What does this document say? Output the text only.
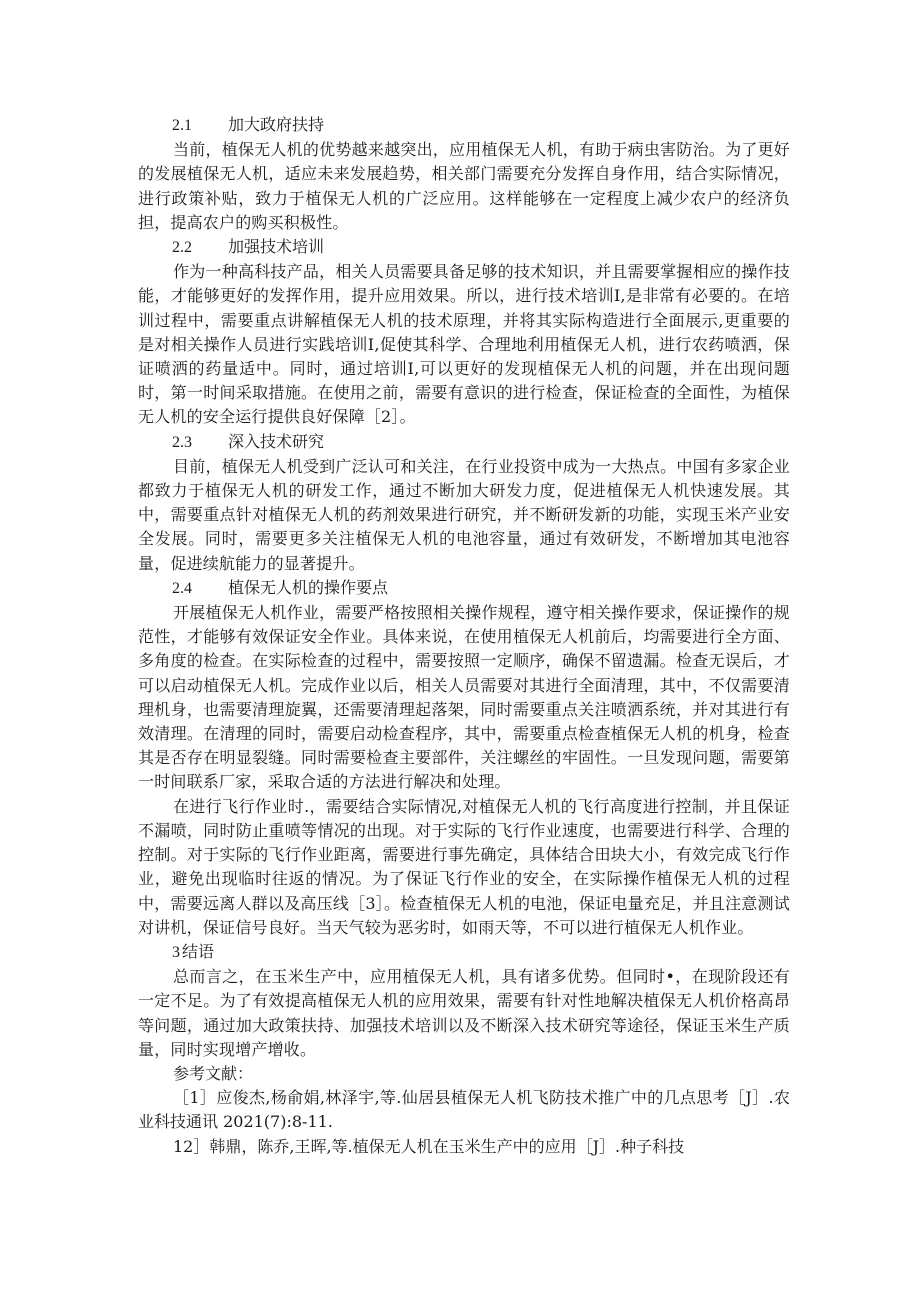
2.1 加大政府扶持

当前，植保无人机的优势越来越突出，应用植保无人机，有助于病虫害防治。为了更好的发展植保无人机，适应未来发展趋势，相关部门需要充分发挥自身作用，结合实际情况，进行政策补贴，致力于植保无人机的广泛应用。这样能够在一定程度上减少农户的经济负担，提高农户的购买积极性。

2.2 加强技术培训

作为一种高科技产品，相关人员需要具备足够的技术知识，并且需要掌握相应的操作技能，才能够更好的发挥作用，提升应用效果。所以，进行技术培训I,是非常有必要的。在培训过程中，需要重点讲解植保无人机的技术原理，并将其实际构造进行全面展示,更重要的是对相关操作人员进行实践培训I,促使其科学、合理地利用植保无人机，进行农药喷洒，保证喷洒的药量适中。同时，通过培训I,可以更好的发现植保无人机的问题，并在出现问题时，第一时间采取措施。在使用之前，需要有意识的进行检查，保证检查的全面性，为植保无人机的安全运行提供良好保障［2］。

2.3 深入技术研究

目前，植保无人机受到广泛认可和关注，在行业投资中成为一大热点。中国有多家企业都致力于植保无人机的研发工作，通过不断加大研发力度，促进植保无人机快速发展。其中，需要重点针对植保无人机的药剂效果进行研究，并不断研发新的功能，实现玉米产业安全发展。同时，需要更多关注植保无人机的电池容量，通过有效研发，不断增加其电池容量，促进续航能力的显著提升。

2.4 植保无人机的操作要点

开展植保无人机作业，需要严格按照相关操作规程，遵守相关操作要求，保证操作的规范性，才能够有效保证安全作业。具体来说，在使用植保无人机前后，均需要进行全方面、多角度的检查。在实际检查的过程中，需要按照一定顺序，确保不留遗漏。检查无误后，才可以启动植保无人机。完成作业以后，相关人员需要对其进行全面清理，其中，不仅需要清理机身，也需要清理旋翼，还需要清理起落架，同时需要重点关注喷洒系统，并对其进行有效清理。在清理的同时，需要启动检查程序，其中，需要重点检查植保无人机的机身，检查其是否存在明显裂缝。同时需要检查主要部件，关注螺丝的牢固性。一旦发现问题，需要第一时间联系厂家，采取合适的方法进行解决和处理。

在进行飞行作业时.，需要结合实际情况,对植保无人机的飞行高度进行控制，并且保证不漏喷，同时防止重喷等情况的出现。对于实际的飞行作业速度，也需要进行科学、合理的控制。对于实际的飞行作业距离，需要进行事先确定，具体结合田块大小，有效完成飞行作业，避免出现临时往返的情况。为了保证飞行作业的安全，在实际操作植保无人机的过程中，需要远离人群以及高压线［3］。检查植保无人机的电池，保证电量充足，并且注意测试对讲机，保证信号良好。当天气较为恶劣时，如雨天等，不可以进行植保无人机作业。

3 结语

总而言之，在玉米生产中，应用植保无人机，具有诸多优势。但同时•，在现阶段还有一定不足。为了有效提高植保无人机的应用效果，需要有针对性地解决植保无人机价格高昂等问题，通过加大政策扶持、加强技术培训以及不断深入技术研究等途径，保证玉米生产质量，同时实现增产增收。

参考文献：

［1］应俊杰,杨俞娟,林泽宇,等.仙居县植保无人机飞防技术推广中的几点思考［J］.农业科技通讯 2021(7):8-11.

12］韩鼎，陈乔,王晖,等.植保无人机在玉米生产中的应用［J］.种子科技
